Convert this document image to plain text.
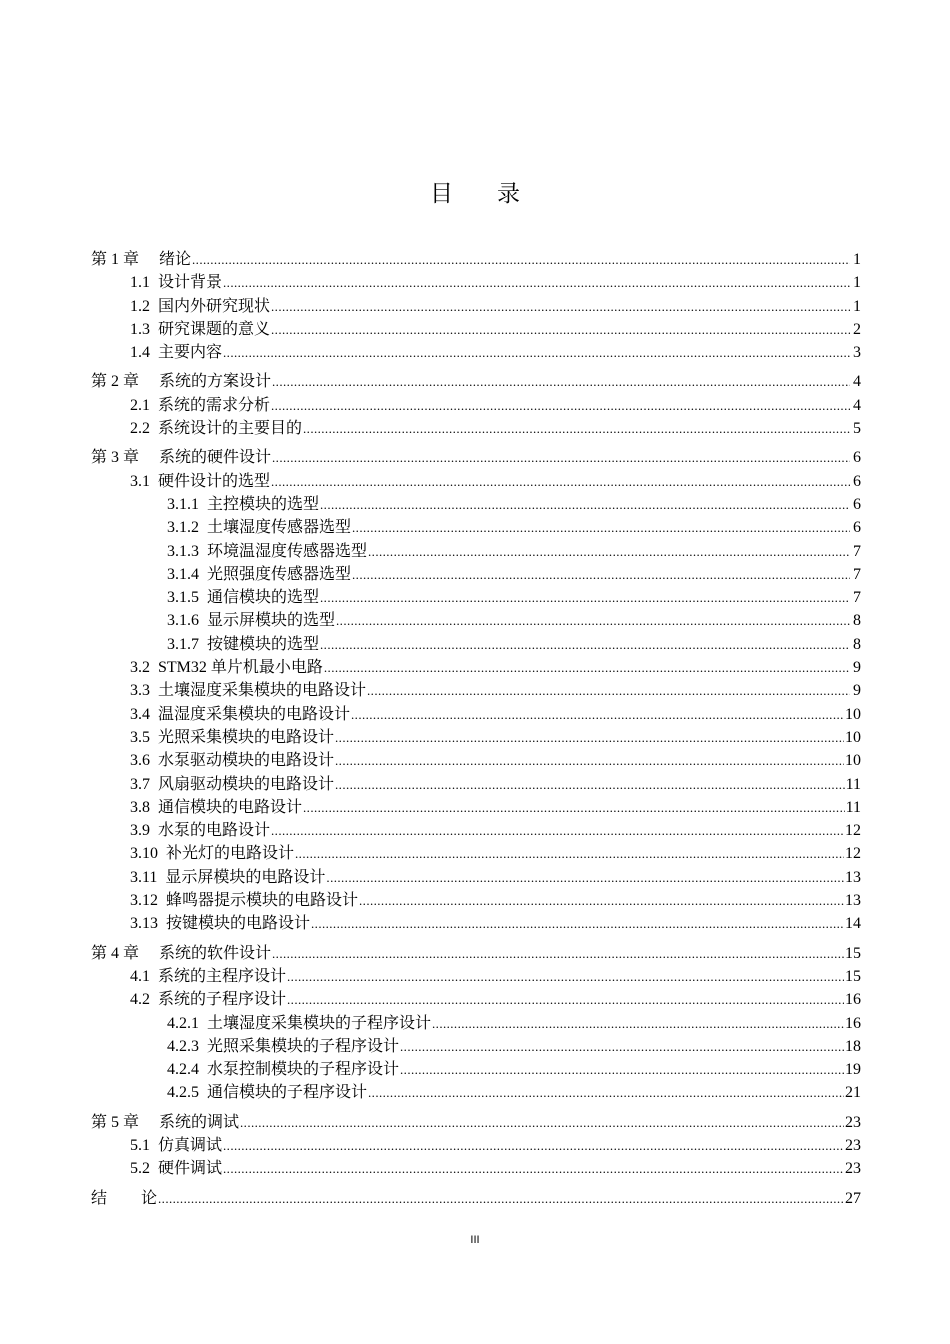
目录
第 1 章 绪论 .....	1
1.1 设计背景 .....	1
1.2 国内外研究现状 .....	1
1.3 研究课题的意义 .....	2
1.4 主要内容 .....	3
第 2 章 系统的方案设计 .....	4
2.1 系统的需求分析 .....	4
2.2 系统设计的主要目的 .....	5
第 3 章 系统的硬件设计 .....	6
3.1 硬件设计的选型 .....	6
3.1.1 主控模块的选型 .....	6
3.1.2 土壤湿度传感器选型 .....	6
3.1.3 环境温湿度传感器选型 .....	7
3.1.4 光照强度传感器选型 .....	7
3.1.5 通信模块的选型 .....	7
3.1.6 显示屏模块的选型 .....	8
3.1.7 按键模块的选型 .....	8
3.2 STM32 单片机最小电路 .....	9
3.3 土壤湿度采集模块的电路设计 .....	9
3.4 温湿度采集模块的电路设计 .....	10
3.5 光照采集模块的电路设计 .....	10
3.6 水泵驱动模块的电路设计 .....	10
3.7 风扇驱动模块的电路设计 .....	11
3.8 通信模块的电路设计 .....	11
3.9 水泵的电路设计 .....	12
3.10 补光灯的电路设计 .....	12
3.11 显示屏模块的电路设计 .....	13
3.12 蜂鸣器提示模块的电路设计 .....	13
3.13 按键模块的电路设计 .....	14
第 4 章 系统的软件设计 .....	15
4.1 系统的主程序设计 .....	15
4.2 系统的子程序设计 .....	16
4.2.1 土壤湿度采集模块的子程序设计 .....	16
4.2.3 光照采集模块的子程序设计 .....	18
4.2.4 水泵控制模块的子程序设计 .....	19
4.2.5 通信模块的子程序设计 .....	21
第 5 章 系统的调试 .....	23
5.1 仿真调试 .....	23
5.2 硬件调试 .....	23
结论 .....	27
III
